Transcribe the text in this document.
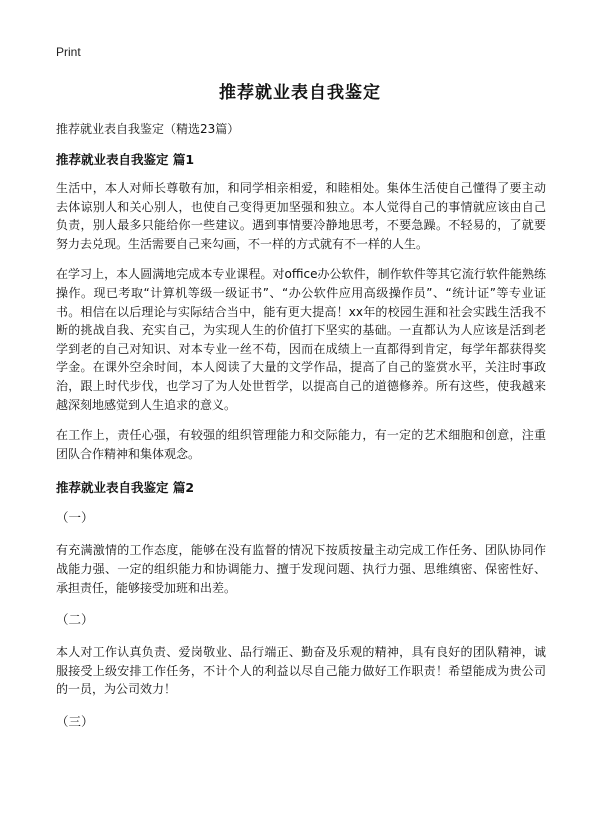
Print
推荐就业表自我鉴定

推荐就业表自我鉴定（精选23篇）

推荐就业表自我鉴定 篇1

生活中，本人对师长尊敬有加，和同学相亲相爱，和睦相处。集体生活使自己懂得了要主动去体谅别人和关心别人，也使自己变得更加坚强和独立。本人觉得自己的事情就应该由自己负责，别人最多只能给你一些建议。遇到事情要冷静地思考，不要急躁。不轻易的，了就要努力去兑现。生活需要自己来勾画，不一样的方式就有不一样的人生。

在学习上，本人圆满地完成本专业课程。对office办公软件，制作软件等其它流行软件能熟练操作。现已考取“计算机等级一级证书”、“办公软件应用高级操作员”、“统计证”等专业证书。相信在以后理论与实际结合当中，能有更大提高！xx年的校园生涯和社会实践生活我不断的挑战自我、充实自己，为实现人生的价值打下坚实的基础。一直都认为人应该是活到老学到老的自己对知识、对本专业一丝不苟，因而在成绩上一直都得到肯定，每学年都获得奖学金。在课外空余时间，本人阅读了大量的文学作品，提高了自己的鉴赏水平，关注时事政治，跟上时代步伐，也学习了为人处世哲学，以提高自己的道德修养。所有这些，使我越来越深刻地感觉到人生追求的意义。

在工作上，责任心强，有较强的组织管理能力和交际能力，有一定的艺术细胞和创意，注重团队合作精神和集体观念。

推荐就业表自我鉴定 篇2
（一）

有充满激情的工作态度，能够在没有监督的情况下按质按量主动完成工作任务、团队协同作战能力强、一定的组织能力和协调能力、擅于发现问题、执行力强、思维缜密、保密性好、承担责任，能够接受加班和出差。

（二）

本人对工作认真负责、爱岗敬业、品行端正、勤奋及乐观的精神，具有良好的团队精神，诚服接受上级安排工作任务，不计个人的利益以尽自己能力做好工作职责！希望能成为贵公司的一员，为公司效力！

（三）
